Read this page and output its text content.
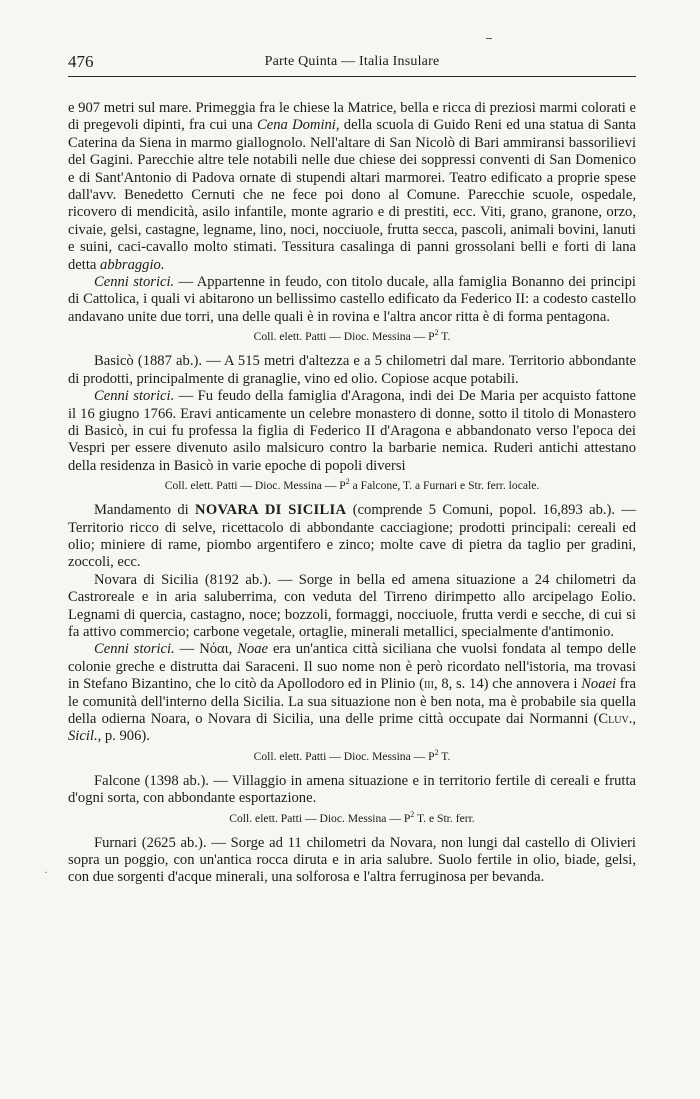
476	Parte Quinta — Italia Insulare
·

e 907 metri sul mare. Primeggia fra le chiese la Matrice, bella e ricca di preziosi marmi colorati e di pregevoli dipinti, fra cui una Cena Domini, della scuola di Guido Reni ed una statua di Santa Caterina da Siena in marmo giallognolo. Nell'altare di San Nicolò di Bari ammiransi bassorilievi del Gagini. Parecchie altre tele notabili nelle due chiese dei soppressi conventi di San Domenico e di Sant'Antonio di Padova ornate di stupendi altari marmorei. Teatro edificato a proprie spese dall'avv. Benedetto Cernuti che ne fece poi dono al Comune. Parecchie scuole, ospedale, ricovero di mendicità, asilo infantile, monte agrario e di prestiti, ecc. Viti, grano, granone, orzo, civaie, gelsi, castagne, legname, lino, noci, nocciuole, frutta secca, pascoli, animali bovini, lanuti e suini, caci-cavallo molto stimati. Tessitura casalinga di panni grossolani belli e forti di lana detta abbraggio.

Cenni storici. — Appartenne in feudo, con titolo ducale, alla famiglia Bonanno dei principi di Cattolica, i quali vi abitarono un bellissimo castello edificato da Federico II: a codesto castello andavano unite due torri, una delle quali è in rovina e l'altra ancor ritta è di forma pentagona.

Coll. elett. Patti — Dioc. Messina — $P^2$ T.

Basicò (1887 ab.). — A 515 metri d'altezza e a 5 chilometri dal mare. Territorio abbondante di prodotti, principalmente di granaglie, vino ed olio. Copiose acque potabili.

Cenni storici. — Fu feudo della famiglia d'Aragona, indi dei De Maria per acquisto fattone il 16 giugno 1766. Eravi anticamente un celebre monastero di donne, sotto il titolo di Monastero di Basicò, in cui fu professa la figlia di Federico II d'Aragona e abbandonato verso l'epoca dei Vespri per essere divenuto asilo malsicuro contro la barbarie nemica. Ruderi antichi attestano della residenza in Basicò in varie epoche di popoli diversi

Coll. elett. Patti — Dioc. Messina — $P^2$ a Falcone, T. a Furnari e Str. ferr. locale.

Mandamento di NOVARA DI SICILIA (comprende 5 Comuni, popol. 16,893 ab.). — Territorio ricco di selve, ricettacolo di abbondante cacciagione; prodotti principali: cereali ed olio; miniere di rame, piombo argentifero e zinco; molte cave di pietra da taglio per gradini, zoccoli, ecc.

Novara di Sicilia (8192 ab.). — Sorge in bella ed amena situazione a 24 chilometri da Castroreale e in aria saluberrima, con veduta del Tirreno dirimpetto allo arcipelago Eolio. Legnami di quercia, castagno, noce; bozzoli, formaggi, nocciuole, frutta verdi e secche, di cui si fa attivo commercio; carbone vegetale, ortaglie, minerali metallici, specialmente d'antimonio.

Cenni storici. — Nόαι, Noae era un'antica città siciliana che vuolsi fondata al tempo delle colonie greche e distrutta dai Saraceni. Il suo nome non è però ricordato nell'istoria, ma trovasi in Stefano Bizantino, che lo citò da Apollodoro ed in Plinio (iii, 8, s. 14) che annovera i Noaei fra le comunità dell'interno della Sicilia. La sua situazione non è ben nota, ma è probabile sia quella della odierna Noara, o Novara di Sicilia, una delle prime città occupate dai Normanni (Cluv., Sicil., p. 906).

Coll. elett. Patti — Dioc. Messina — $P^2$ T.

Falcone (1398 ab.). — Villaggio in amena situazione e in territorio fertile di cereali e frutta d'ogni sorta, con abbondante esportazione.

Coll. elett. Patti — Dioc. Messina — $P^2$ T. e Str. ferr.

Furnari (2625 ab.). — Sorge ad 11 chilometri da Novara, non lungi dal castello di Olivieri sopra un poggio, con un'antica rocca diruta e in aria salubre. Suolo fertile in olio, biade, gelsi, con due sorgenti d'acque minerali, una solforosa e l'altra ferruginosa per bevanda.
